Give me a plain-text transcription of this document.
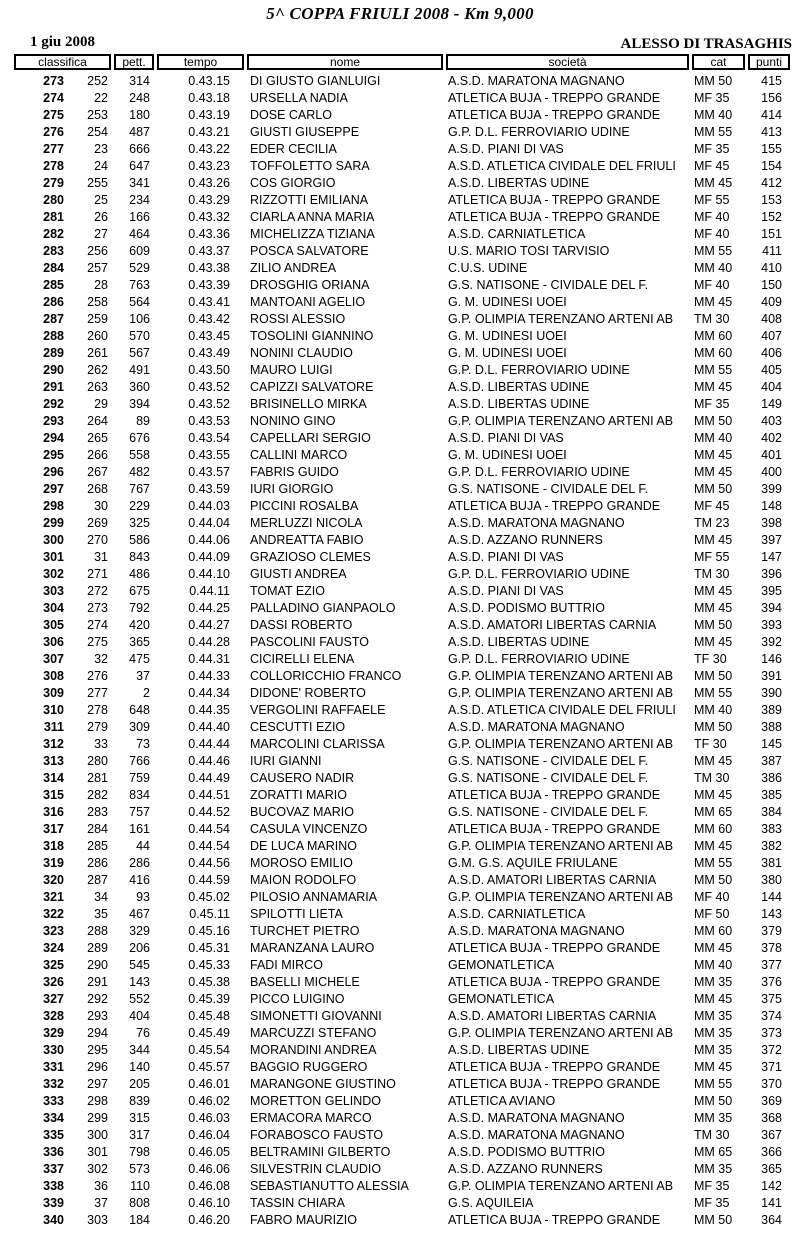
5^ COPPA FRIULI 2008 - Km 9,000
1 giu 2008	ALESSO DI TRASAGHIS
classifica	pett.	tempo	nome	società	cat	punti
273	252	314	0.43.15 DI GIUSTO GIANLUIGI	A.S.D. MARATONA MAGNANO	MM 50	415
274	22	248	0.43.18 URSELLA NADIA	ATLETICA BUJA - TREPPO GRANDE	MF 35	156
275	253	180	0.43.19 DOSE CARLO	ATLETICA BUJA - TREPPO GRANDE	MM 40	414
276	254	487	0.43.21 GIUSTI GIUSEPPE	G.P. D.L. FERROVIARIO UDINE	MM 55	413
277	23	666	0.43.22 EDER CECILIA	A.S.D. PIANI DI VAS	MF 35	155
278	24	647	0.43.23 TOFFOLETTO SARA	A.S.D. ATLETICA CIVIDALE DEL FRIULI MF 45	154
279	255	341	0.43.26 COS GIORGIO	A.S.D. LIBERTAS UDINE	MM 45	412
280	25	234	0.43.29 RIZZOTTI EMILIANA	ATLETICA BUJA - TREPPO GRANDE	MF 55	153
281	26	166	0.43.32 CIARLA ANNA MARIA	ATLETICA BUJA - TREPPO GRANDE	MF 40	152
282	27	464	0.43.36 MICHELIZZA TIZIANA	A.S.D. CARNIATLETICA	MF 40	151
283	256	609	0.43.37 POSCA SALVATORE	U.S. MARIO TOSI TARVISIO	MM 55	411
284	257	529	0.43.38 ZILIO ANDREA	C.U.S. UDINE	MM 40	410
285	28	763	0.43.39 DROSGHIG ORIANA	G.S. NATISONE - CIVIDALE DEL F.	MF 40	150
286	258	564	0.43.41 MANTOANI AGELIO	G. M. UDINESI UOEI	MM 45	409
287	259	106	0.43.42 ROSSI ALESSIO	G.P. OLIMPIA TERENZANO ARTENI AB TM 30	408
288	260	570	0.43.45 TOSOLINI GIANNINO	G. M. UDINESI UOEI	MM 60	407
289	261	567	0.43.49 NONINI CLAUDIO	G. M. UDINESI UOEI	MM 60	406
290	262	491	0.43.50 MAURO LUIGI	G.P. D.L. FERROVIARIO UDINE	MM 55	405
291	263	360	0.43.52 CAPIZZI SALVATORE	A.S.D. LIBERTAS UDINE	MM 45	404
292	29	394	0.43.52 BRISINELLO MIRKA	A.S.D. LIBERTAS UDINE	MF 35	149
293	264	89	0.43.53 NONINO GINO	G.P. OLIMPIA TERENZANO ARTENI AB MM 50	403
294	265	676	0.43.54 CAPELLARI SERGIO	A.S.D. PIANI DI VAS	MM 40	402
295	266	558	0.43.55 CALLINI MARCO	G. M. UDINESI UOEI	MM 45	401
296	267	482	0.43.57 FABRIS GUIDO	G.P. D.L. FERROVIARIO UDINE	MM 45	400
297	268	767	0.43.59 IURI GIORGIO	G.S. NATISONE - CIVIDALE DEL F.	MM 50	399
298	30	229	0.44.03 PICCINI ROSALBA	ATLETICA BUJA - TREPPO GRANDE	MF 45	148
299	269	325	0.44.04 MERLUZZI NICOLA	A.S.D. MARATONA MAGNANO	TM 23	398
300	270	586	0.44.06 ANDREATTA FABIO	A.S.D. AZZANO RUNNERS	MM 45	397
301	31	843	0.44.09 GRAZIOSO CLEMES	A.S.D. PIANI DI VAS	MF 55	147
302	271	486	0.44.10 GIUSTI ANDREA	G.P. D.L. FERROVIARIO UDINE	TM 30	396
303	272	675	0.44.11 TOMAT EZIO	A.S.D. PIANI DI VAS	MM 45	395
304	273	792	0.44.25 PALLADINO GIANPAOLO	A.S.D. PODISMO BUTTRIO	MM 45	394
305	274	420	0.44.27 DASSI ROBERTO	A.S.D. AMATORI LIBERTAS CARNIA	MM 50	393
306	275	365	0.44.28 PASCOLINI FAUSTO	A.S.D. LIBERTAS UDINE	MM 45	392
307	32	475	0.44.31 CICIRELLI ELENA	G.P. D.L. FERROVIARIO UDINE	TF 30	146
308	276	37	0.44.33 COLLORICCHIO FRANCO	G.P. OLIMPIA TERENZANO ARTENI AB MM 50	391
309	277	2	0.44.34 DIDONE' ROBERTO	G.P. OLIMPIA TERENZANO ARTENI AB MM 55	390
310	278	648	0.44.35 VERGOLINI RAFFAELE	A.S.D. ATLETICA CIVIDALE DEL FRIULI MM 40	389
311	279	309	0.44.40 CESCUTTI EZIO	A.S.D. MARATONA MAGNANO	MM 50	388
312	33	73	0.44.44 MARCOLINI CLARISSA	G.P. OLIMPIA TERENZANO ARTENI AB TF 30	145
313	280	766	0.44.46 IURI GIANNI	G.S. NATISONE - CIVIDALE DEL F.	MM 45	387
314	281	759	0.44.49 CAUSERO NADIR	G.S. NATISONE - CIVIDALE DEL F.	TM 30	386
315	282	834	0.44.51 ZORATTI MARIO	ATLETICA BUJA - TREPPO GRANDE	MM 45	385
316	283	757	0.44.52 BUCOVAZ MARIO	G.S. NATISONE - CIVIDALE DEL F.	MM 65	384
317	284	161	0.44.54 CASULA VINCENZO	ATLETICA BUJA - TREPPO GRANDE	MM 60	383
318	285	44	0.44.54 DE LUCA MARINO	G.P. OLIMPIA TERENZANO ARTENI AB MM 45	382
319	286	286	0.44.56 MOROSO EMILIO	G.M. G.S. AQUILE FRIULANE	MM 55	381
320	287	416	0.44.59 MAION RODOLFO	A.S.D. AMATORI LIBERTAS CARNIA	MM 50	380
321	34	93	0.45.02 PILOSIO ANNAMARIA	G.P. OLIMPIA TERENZANO ARTENI AB MF 40	144
322	35	467	0.45.11 SPILOTTI LIETA	A.S.D. CARNIATLETICA	MF 50	143
323	288	329	0.45.16 TURCHET PIETRO	A.S.D. MARATONA MAGNANO	MM 60	379
324	289	206	0.45.31 MARANZANA LAURO	ATLETICA BUJA - TREPPO GRANDE	MM 45	378
325	290	545	0.45.33 FADI MIRCO	GEMONATLETICA	MM 40	377
326	291	143	0.45.38 BASELLI MICHELE	ATLETICA BUJA - TREPPO GRANDE	MM 35	376
327	292	552	0.45.39 PICCO LUIGINO	GEMONATLETICA	MM 45	375
328	293	404	0.45.48 SIMONETTI GIOVANNI	A.S.D. AMATORI LIBERTAS CARNIA	MM 35	374
329	294	76	0.45.49 MARCUZZI STEFANO	G.P. OLIMPIA TERENZANO ARTENI AB MM 35	373
330	295	344	0.45.54 MORANDINI ANDREA	A.S.D. LIBERTAS UDINE	MM 35	372
331	296	140	0.45.57 BAGGIO RUGGERO	ATLETICA BUJA - TREPPO GRANDE	MM 45	371
332	297	205	0.46.01 MARANGONE GIUSTINO	ATLETICA BUJA - TREPPO GRANDE	MM 55	370
333	298	839	0.46.02 MORETTON GELINDO	ATLETICA AVIANO	MM 50	369
334	299	315	0.46.03 ERMACORA MARCO	A.S.D. MARATONA MAGNANO	MM 35	368
335	300	317	0.46.04 FORABOSCO FAUSTO	A.S.D. MARATONA MAGNANO	TM 30	367
336	301	798	0.46.05 BELTRAMINI GILBERTO	A.S.D. PODISMO BUTTRIO	MM 65	366
337	302	573	0.46.06 SILVESTRIN CLAUDIO	A.S.D. AZZANO RUNNERS	MM 35	365
338	36	110	0.46.08 SEBASTIANUTTO ALESSIA	G.P. OLIMPIA TERENZANO ARTENI AB MF 35	142
339	37	808	0.46.10 TASSIN CHIARA	G.S. AQUILEIA	MF 35	141
340	303	184	0.46.20 FABRO MAURIZIO	ATLETICA BUJA - TREPPO GRANDE	MM 50	364
